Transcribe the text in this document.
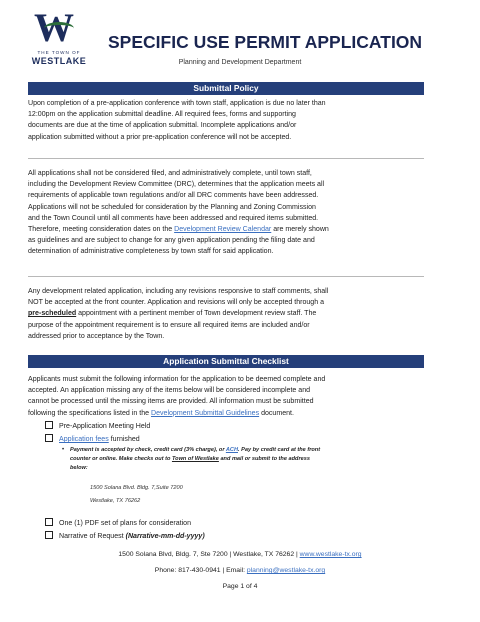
W
THE TOWN OF
WESTLAKE
SPECIFIC USE PERMIT APPLICATION
Planning and Development Department
Submittal Policy
Upon completion of a pre-application conference with town staff, application is due no later than
12:00pm on the application submittal deadline. All required fees, forms and supporting
documents are due at the time of application submittal. Incomplete applications and/or
application submitted without a prior pre-application conference will not be accepted.
All applications shall not be considered filed, and administratively complete, until town staff,
including the Development Review Committee (DRC), determines that the application meets all
requirements of applicable town regulations and/or all DRC comments have been addressed.
Applications will not be scheduled for consideration by the Planning and Zoning Commission
and the Town Council until all comments have been addressed and required items submitted.
Therefore, meeting consideration dates on the Development Review Calendar are merely shown
as guidelines and are subject to change for any given application pending the filing date and
determination of administrative completeness by town staff for said application.
Any development related application, including any revisions responsive to staff comments, shall
NOT be accepted at the front counter. Application and revisions will only be accepted through a
pre-scheduled appointment with a pertinent member of Town development review staff. The
purpose of the appointment requirement is to ensure all required items are included and/or
addressed prior to acceptance by the Town.
Application Submittal Checklist
Applicants must submit the following information for the application to be deemed complete and
accepted. An application missing any of the items below will be considered incomplete and
cannot be processed until the missing items are provided. All information must be submitted
following the specifications listed in the Development Submittal Guidelines document.
Pre-Application Meeting Held
Application fees furnished
• Payment is accepted by check, credit card (3% charge), or ACH. Pay by credit card at the front
counter or online. Make checks out to Town of Westlake and mail or submit to the address
below:
1500 Solana Blvd. Bldg. 7,Suite 7200
Westlake, TX 76262
One (1) PDF set of plans for consideration
Narrative of Request (Narrative-mm-dd-yyyy)
1500 Solana Blvd, Bldg. 7, Ste 7200 | Westlake, TX 76262 | www.westlake-tx.org
Phone: 817-430-0941 | Email: planning@westlake-tx.org
Page 1 of 4
